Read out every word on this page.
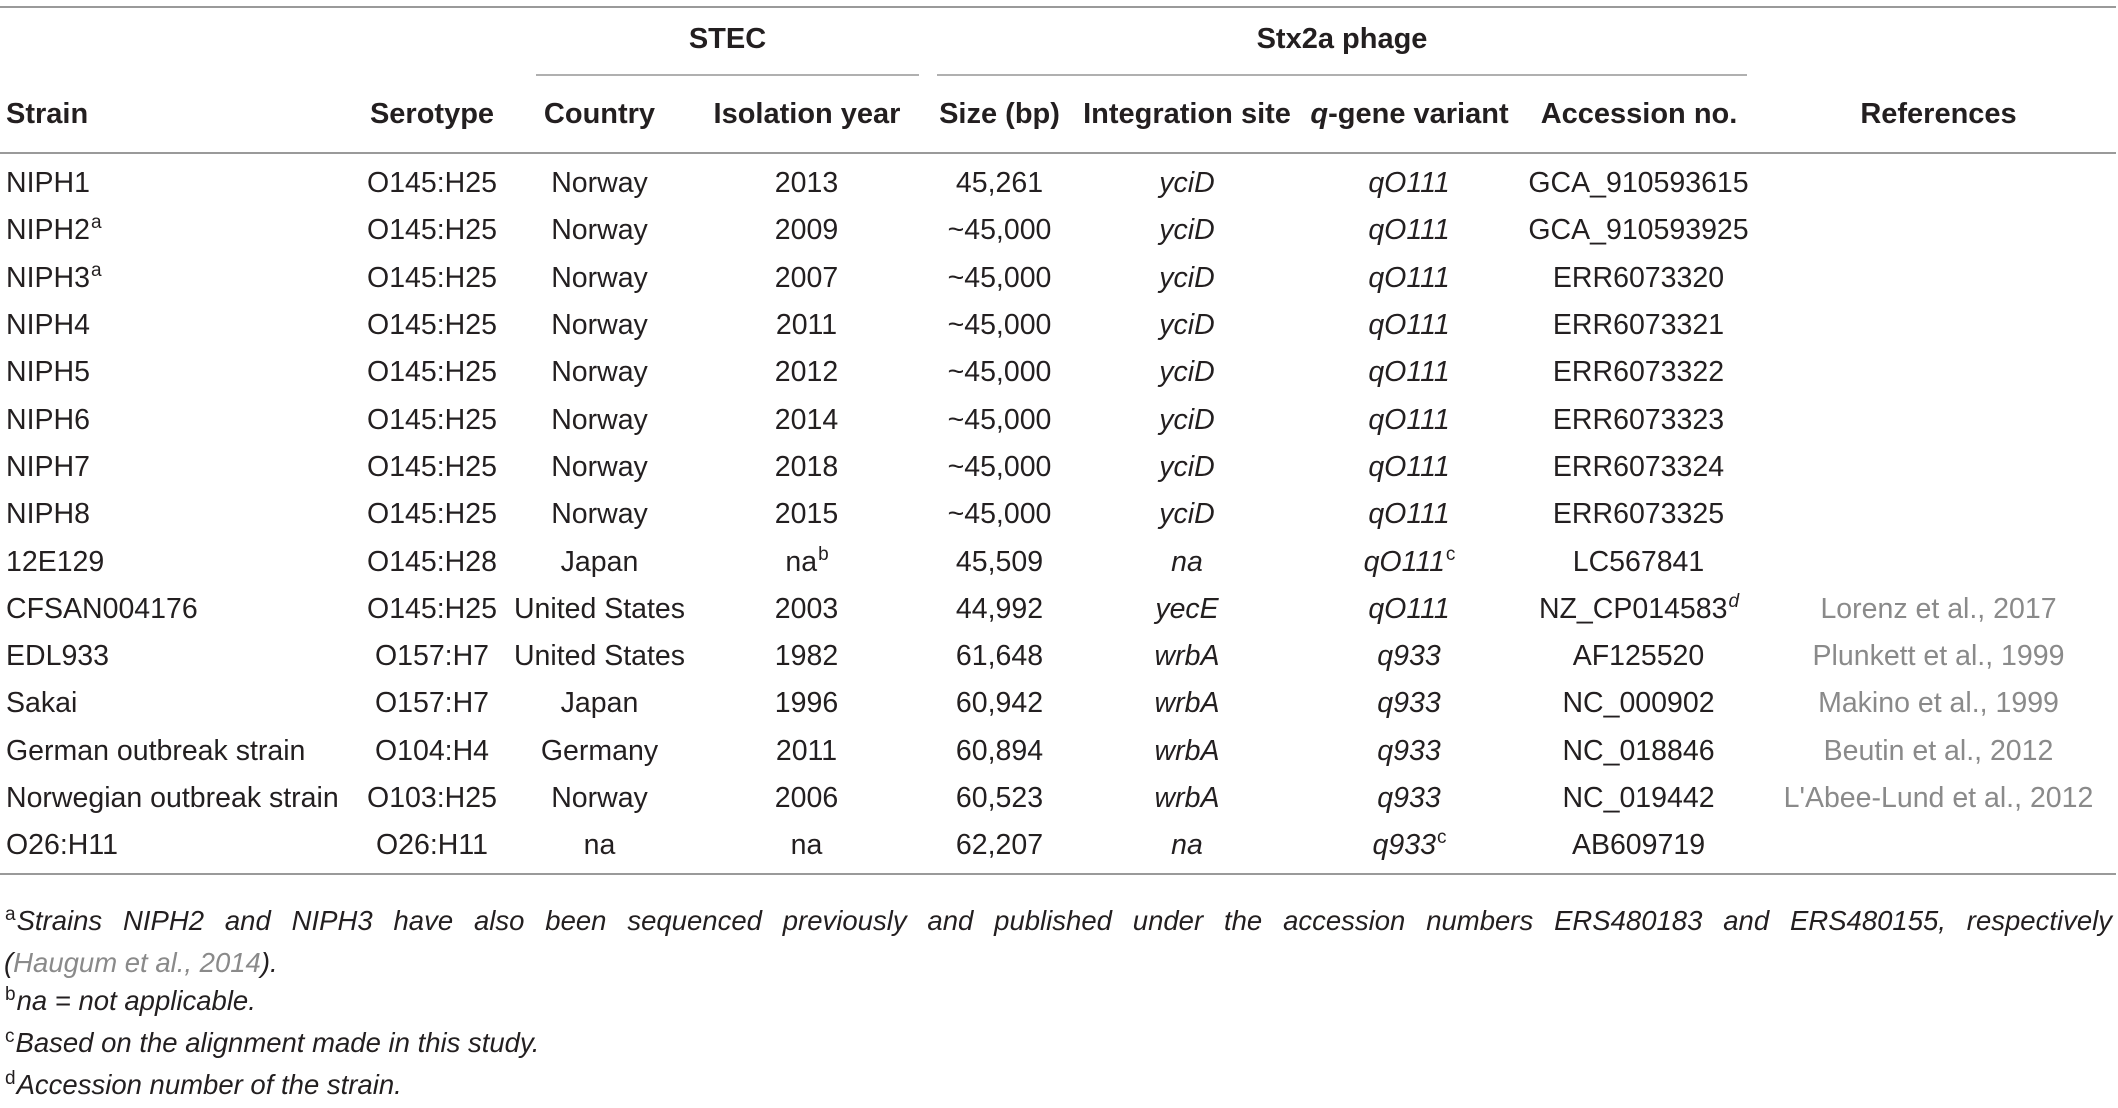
		STEC		Stx2a phage				

Strain	Serotype	Country	Isolation year	Size (bp)	Integration site	q-gene variant	Accession no.	References
NIPH1	O145:H25	Norway	2013	45,261	yciD	qO111	GCA_910593615	
NIPH2$^a$	O145:H25	Norway	2009	~45,000	yciD	qO111	GCA_910593925	
NIPH3$^a$	O145:H25	Norway	2007	~45,000	yciD	qO111	ERR6073320	
NIPH4	O145:H25	Norway	2011	~45,000	yciD	qO111	ERR6073321	
NIPH5	O145:H25	Norway	2012	~45,000	yciD	qO111	ERR6073322	
NIPH6	O145:H25	Norway	2014	~45,000	yciD	qO111	ERR6073323	
NIPH7	O145:H25	Norway	2018	~45,000	yciD	qO111	ERR6073324	
NIPH8	O145:H25	Norway	2015	~45,000	yciD	qO111	ERR6073325	
12E129	O145:H28	Japan	$na^b$	45,509	na	qO111$^c$	LC567841	
CFSAN004176	O145:H25	United States	2003	44,992	yecE	qO111	NZ_CP014583$^d$	Lorenz et al., 2017
EDL933	O157:H7	United States	1982	61,648	wrbA	q933	AF125520	Plunkett et al., 1999
Sakai	O157:H7	Japan	1996	60,942	wrbA	q933	NC_000902	Makino et al., 1999
German outbreak strain	O104:H4	Germany	2011	60,894	wrbA	q933	NC_018846	Beutin et al., 2012
Norwegian outbreak strain	O103:H25	Norway	2006	60,523	wrbA	q933	NC_019442	L'Abee-Lund et al., 2012
O26:H11	O26:H11	na	na	62,207	na	q933$^c$	AB609719	

$^a$Strains NIPH2 and NIPH3 have also been sequenced previously and published under the accession numbers ERS480183 and ERS480155, respectively
(Haugum et al., 2014).

$^b$na = not applicable.

$^c$Based on the alignment made in this study.

$^d$Accession number of the strain.
